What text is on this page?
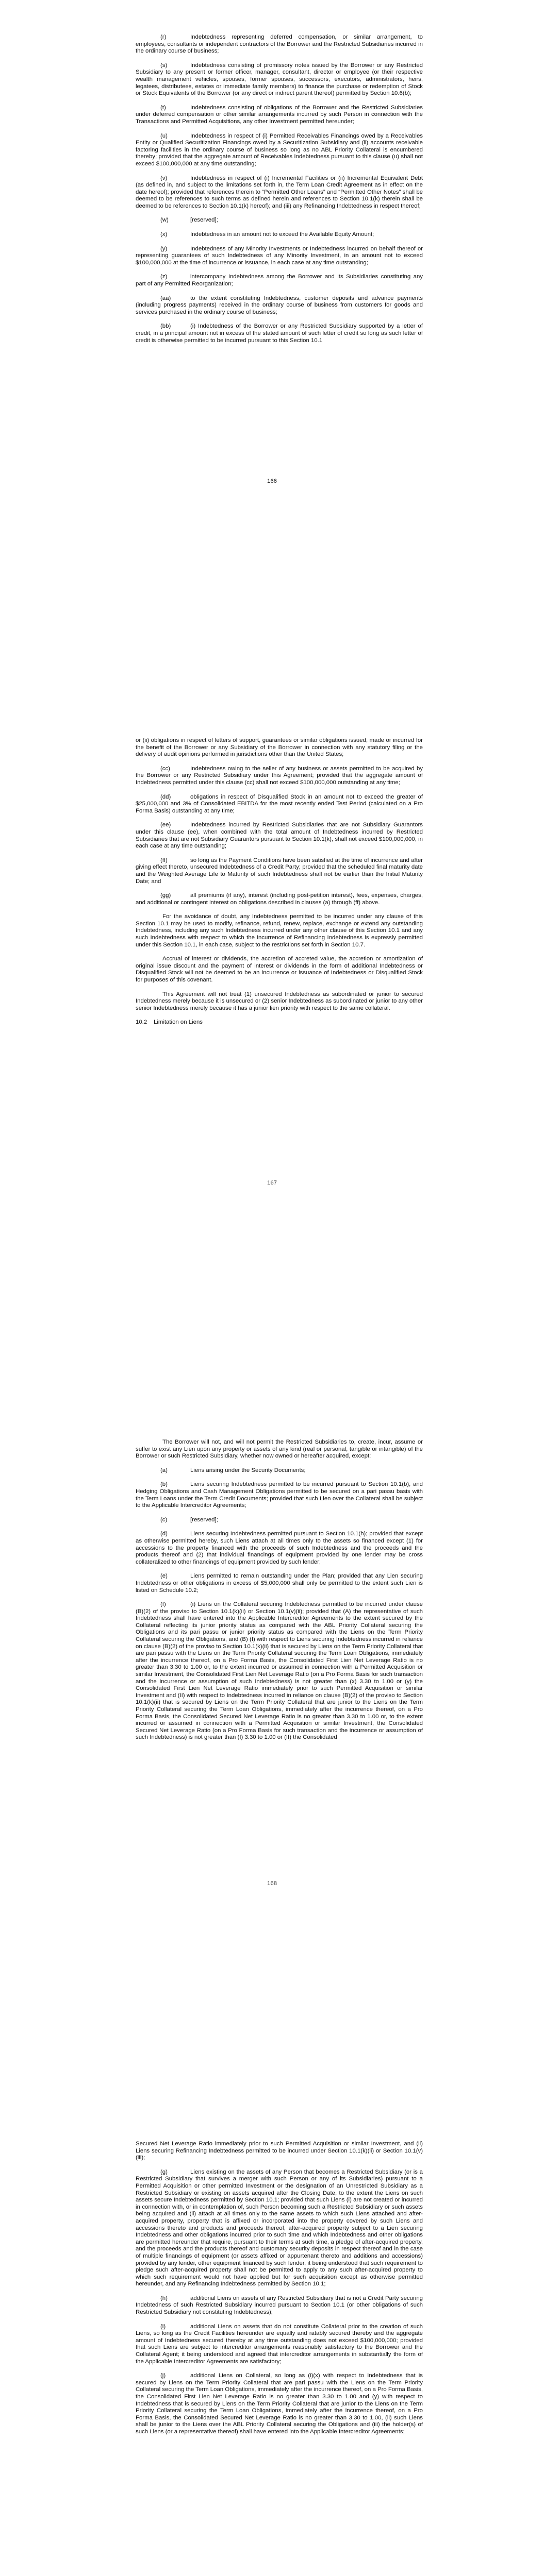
(r)	Indebtedness representing deferred compensation, or similar arrangement, to employees, consultants or independent contractors of the Borrower and the Restricted Subsidiaries incurred in the ordinary course of business;

(s)	Indebtedness consisting of promissory notes issued by the Borrower or any Restricted Subsidiary to any present or former officer, manager, consultant, director or employee (or their respective wealth management vehicles, spouses, former spouses, successors, executors, administrators, heirs, legatees, distributees, estates or immediate family members) to finance the purchase or redemption of Stock or Stock Equivalents of the Borrower (or any direct or indirect parent thereof) permitted by Section 10.6(b);

(t)	Indebtedness consisting of obligations of the Borrower and the Restricted Subsidiaries under deferred compensation or other similar arrangements incurred by such Person in connection with the Transactions and Permitted Acquisitions, any other Investment permitted hereunder;

(u)	Indebtedness in respect of (i) Permitted Receivables Financings owed by a Receivables Entity or Qualified Securitization Financings owed by a Securitization Subsidiary and (ii) accounts receivable factoring facilities in the ordinary course of business so long as no ABL Priority Collateral is encumbered thereby; provided that the aggregate amount of Receivables Indebtedness pursuant to this clause (u) shall not exceed $100,000,000 at any time outstanding;

(v)	Indebtedness in respect of (i) Incremental Facilities or (ii) Incremental Equivalent Debt (as defined in, and subject to the limitations set forth in, the Term Loan Credit Agreement as in effect on the date hereof); provided that references therein to “Permitted Other Loans” and “Permitted Other Notes” shall be deemed to be references to such terms as defined herein and references to Section 10.1(k) therein shall be deemed to be references to Section 10.1(k) hereof); and (iii) any Refinancing Indebtedness in respect thereof;

(w)	[reserved];

(x)	Indebtedness in an amount not to exceed the Available Equity Amount;

(y)	Indebtedness of any Minority Investments or Indebtedness incurred on behalf thereof or representing guarantees of such Indebtedness of any Minority Investment, in an amount not to exceed $100,000,000 at the time of incurrence or issuance, in each case at any time outstanding;

(z)	intercompany Indebtedness among the Borrower and its Subsidiaries constituting any part of any Permitted Reorganization;

(aa)	to the extent constituting Indebtedness, customer deposits and advance payments (including progress payments) received in the ordinary course of business from customers for goods and services purchased in the ordinary course of business;

(bb)	(i) Indebtedness of the Borrower or any Restricted Subsidiary supported by a letter of credit, in a principal amount not in excess of the stated amount of such letter of credit so long as such letter of credit is otherwise permitted to be incurred pursuant to this Section 10.1

166

or (ii) obligations in respect of letters of support, guarantees or similar obligations issued, made or incurred for the benefit of the Borrower or any Subsidiary of the Borrower in connection with any statutory filing or the delivery of audit opinions performed in jurisdictions other than the United States;

(cc)	Indebtedness owing to the seller of any business or assets permitted to be acquired by the Borrower or any Restricted Subsidiary under this Agreement; provided that the aggregate amount of Indebtedness permitted under this clause (cc) shall not exceed $100,000,000 outstanding at any time;

(dd)	obligations in respect of Disqualified Stock in an amount not to exceed the greater of $25,000,000 and 3% of Consolidated EBITDA for the most recently ended Test Period (calculated on a Pro Forma Basis) outstanding at any time;

(ee)	Indebtedness incurred by Restricted Subsidiaries that are not Subsidiary Guarantors under this clause (ee), when combined with the total amount of Indebtedness incurred by Restricted Subsidiaries that are not Subsidiary Guarantors pursuant to Section 10.1(k), shall not exceed $100,000,000, in each case at any time outstanding;

(ff)	so long as the Payment Conditions have been satisfied at the time of incurrence and after giving effect thereto, unsecured Indebtedness of a Credit Party; provided that the scheduled final maturity date and the Weighted Average Life to Maturity of such Indebtedness shall not be earlier than the Initial Maturity Date; and

(gg)	all premiums (if any), interest (including post-petition interest), fees, expenses, charges, and additional or contingent interest on obligations described in clauses (a) through (ff) above.

For the avoidance of doubt, any Indebtedness permitted to be incurred under any clause of this Section 10.1 may be used to modify, refinance, refund, renew, replace, exchange or extend any outstanding Indebtedness, including any such Indebtedness incurred under any other clause of this Section 10.1 and any such Indebtedness with respect to which the incurrence of Refinancing Indebtedness is expressly permitted under this Section 10.1, in each case, subject to the restrictions set forth in Section 10.7.

Accrual of interest or dividends, the accretion of accreted value, the accretion or amortization of original issue discount and the payment of interest or dividends in the form of additional Indebtedness or Disqualified Stock will not be deemed to be an incurrence or issuance of Indebtedness or Disqualified Stock for purposes of this covenant.

This Agreement will not treat (1) unsecured Indebtedness as subordinated or junior to secured Indebtedness merely because it is unsecured or (2) senior Indebtedness as subordinated or junior to any other senior Indebtedness merely because it has a junior lien priority with respect to the same collateral.

10.2 Limitation on Liens

167

The Borrower will not, and will not permit the Restricted Subsidiaries to, create, incur, assume or suffer to exist any Lien upon any property or assets of any kind (real or personal, tangible or intangible) of the Borrower or such Restricted Subsidiary, whether now owned or hereafter acquired, except:

(a)	Liens arising under the Security Documents;

(b)	Liens securing Indebtedness permitted to be incurred pursuant to Section 10.1(b), and Hedging Obligations and Cash Management Obligations permitted to be secured on a pari passu basis with the Term Loans under the Term Credit Documents; provided that such Lien over the Collateral shall be subject to the Applicable Intercreditor Agreements;

(c)	[reserved];

(d)	Liens securing Indebtedness permitted pursuant to Section 10.1(h); provided that except as otherwise permitted hereby, such Liens attach at all times only to the assets so financed except (1) for accessions to the property financed with the proceeds of such Indebtedness and the proceeds and the products thereof and (2) that individual financings of equipment provided by one lender may be cross collateralized to other financings of equipment provided by such lender;

(e)	Liens permitted to remain outstanding under the Plan; provided that any Lien securing Indebtedness or other obligations in excess of $5,000,000 shall only be permitted to the extent such Lien is listed on Schedule 10.2;

(f)	(i) Liens on the Collateral securing Indebtedness permitted to be incurred under clause (B)(2) of the proviso to Section 10.1(k)(ii) or Section 10.1(v)(ii); provided that (A) the representative of such Indebtedness shall have entered into the Applicable Intercreditor Agreements to the extent secured by the Collateral reflecting its junior priority status as compared with the ABL Priority Collateral securing the Obligations and its pari passu or junior priority status as compared with the Liens on the Term Priority Collateral securing the Obligations, and (B) (I) with respect to Liens securing Indebtedness incurred in reliance on clause (B)(2) of the proviso to Section 10.1(k)(ii) that is secured by Liens on the Term Priority Collateral that are pari passu with the Liens on the Term Priority Collateral securing the Term Loan Obligations, immediately after the incurrence thereof, on a Pro Forma Basis, the Consolidated First Lien Net Leverage Ratio is no greater than 3.30 to 1.00 or, to the extent incurred or assumed in connection with a Permitted Acquisition or similar Investment, the Consolidated First Lien Net Leverage Ratio (on a Pro Forma Basis for such transaction and the incurrence or assumption of such Indebtedness) is not greater than (x) 3.30 to 1.00 or (y) the Consolidated First Lien Net Leverage Ratio immediately prior to such Permitted Acquisition or similar Investment and (II) with respect to Indebtedness incurred in reliance on clause (B)(2) of the proviso to Section 10.1(k)(ii) that is secured by Liens on the Term Priority Collateral that are junior to the Liens on the Term Priority Collateral securing the Term Loan Obligations, immediately after the incurrence thereof, on a Pro Forma Basis, the Consolidated Secured Net Leverage Ratio is no greater than 3.30 to 1.00 or, to the extent incurred or assumed in connection with a Permitted Acquisition or similar Investment, the Consolidated Secured Net Leverage Ratio (on a Pro Forma Basis for such transaction and the incurrence or assumption of such Indebtedness) is not greater than (I) 3.30 to 1.00 or (II) the Consolidated

168

Secured Net Leverage Ratio immediately prior to such Permitted Acquisition or similar Investment, and (ii) Liens securing Refinancing Indebtedness permitted to be incurred under Section 10.1(k)(ii) or Section 10.1(v)(iii);

(g)	Liens existing on the assets of any Person that becomes a Restricted Subsidiary (or is a Restricted Subsidiary that survives a merger with such Person or any of its Subsidiaries) pursuant to a Permitted Acquisition or other permitted Investment or the designation of an Unrestricted Subsidiary as a Restricted Subsidiary or existing on assets acquired after the Closing Date, to the extent the Liens on such assets secure Indebtedness permitted by Section 10.1; provided that such Liens (i) are not created or incurred in connection with, or in contemplation of, such Person becoming such a Restricted Subsidiary or such assets being acquired and (ii) attach at all times only to the same assets to which such Liens attached and after-acquired property, property that is affixed or incorporated into the property covered by such Liens and accessions thereto and products and proceeds thereof, after-acquired property subject to a Lien securing Indebtedness and other obligations incurred prior to such time and which Indebtedness and other obligations are permitted hereunder that require, pursuant to their terms at such time, a pledge of after-acquired property, and the proceeds and the products thereof and customary security deposits in respect thereof and in the case of multiple financings of equipment (or assets affixed or appurtenant thereto and additions and accessions) provided by any lender, other equipment financed by such lender, it being understood that such requirement to pledge such after-acquired property shall not be permitted to apply to any such after-acquired property to which such requirement would not have applied but for such acquisition except as otherwise permitted hereunder, and any Refinancing Indebtedness permitted by Section 10.1;

(h)	additional Liens on assets of any Restricted Subsidiary that is not a Credit Party securing Indebtedness of such Restricted Subsidiary incurred pursuant to Section 10.1 (or other obligations of such Restricted Subsidiary not constituting Indebtedness);

(i)	additional Liens on assets that do not constitute Collateral prior to the creation of such Liens, so long as the Credit Facilities hereunder are equally and ratably secured thereby and the aggregate amount of Indebtedness secured thereby at any time outstanding does not exceed $100,000,000; provided that such Liens are subject to intercreditor arrangements reasonably satisfactory to the Borrower and the Collateral Agent; it being understood and agreed that intercreditor arrangements in substantially the form of the Applicable Intercreditor Agreements are satisfactory;

(j)	additional Liens on Collateral, so long as (i)(x) with respect to Indebtedness that is secured by Liens on the Term Priority Collateral that are pari passu with the Liens on the Term Priority Collateral securing the Term Loan Obligations, immediately after the incurrence thereof, on a Pro Forma Basis, the Consolidated First Lien Net Leverage Ratio is no greater than 3.30 to 1.00 and (y) with respect to Indebtedness that is secured by Liens on the Term Priority Collateral that are junior to the Liens on the Term Priority Collateral securing the Term Loan Obligations, immediately after the incurrence thereof, on a Pro Forma Basis, the Consolidated Secured Net Leverage Ratio is no greater than 3.30 to 1.00, (ii) such Liens shall be junior to the Liens over the ABL Priority Collateral securing the Obligations and (iii) the holder(s) of such Liens (or a representative thereof) shall have entered into the Applicable Intercreditor Agreements;
